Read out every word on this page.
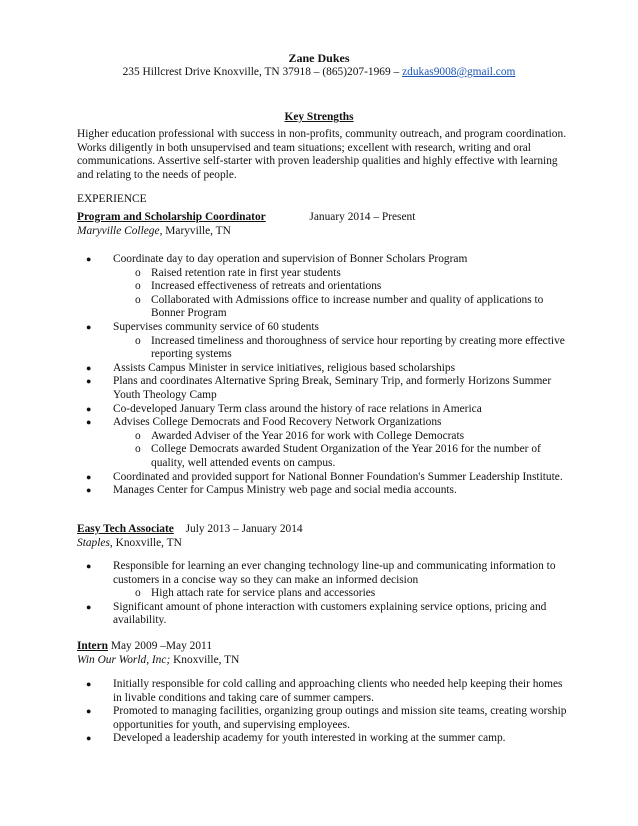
Zane Dukes
235 Hillcrest Drive Knoxville, TN 37918 – (865)207-1969 – zdukas9008@gmail.com
Key Strengths
Higher education professional with success in non-profits, community outreach, and program coordination. Works diligently in both unsupervised and team situations; excellent with research, writing and oral communications. Assertive self-starter with proven leadership qualities and highly effective with learning and relating to the needs of people.
EXPERIENCE
Program and Scholarship Coordinator	January 2014 – Present
Maryville College, Maryville, TN
● Coordinate day to day operation and supervision of Bonner Scholars Program
o Raised retention rate in first year students
o Increased effectiveness of retreats and orientations
o Collaborated with Admissions office to increase number and quality of applications to Bonner Program
● Supervises community service of 60 students
o Increased timeliness and thoroughness of service hour reporting by creating more effective reporting systems
● Assists Campus Minister in service initiatives, religious based scholarships
● Plans and coordinates Alternative Spring Break, Seminary Trip, and formerly Horizons Summer Youth Theology Camp
● Co-developed January Term class around the history of race relations in America
● Advises College Democrats and Food Recovery Network Organizations
o Awarded Adviser of the Year 2016 for work with College Democrats
o College Democrats awarded Student Organization of the Year 2016 for the number of quality, well attended events on campus.
● Coordinated and provided support for National Bonner Foundation's Summer Leadership Institute.
● Manages Center for Campus Ministry web page and social media accounts.
Easy Tech Associate July 2013 – January 2014
Staples, Knoxville, TN
● Responsible for learning an ever changing technology line-up and communicating information to customers in a concise way so they can make an informed decision
o High attach rate for service plans and accessories
● Significant amount of phone interaction with customers explaining service options, pricing and availability.
Intern May 2009 –May 2011
Win Our World, Inc; Knoxville, TN
● Initially responsible for cold calling and approaching clients who needed help keeping their homes in livable conditions and taking care of summer campers.
● Promoted to managing facilities, organizing group outings and mission site teams, creating worship opportunities for youth, and supervising employees.
● Developed a leadership academy for youth interested in working at the summer camp.
